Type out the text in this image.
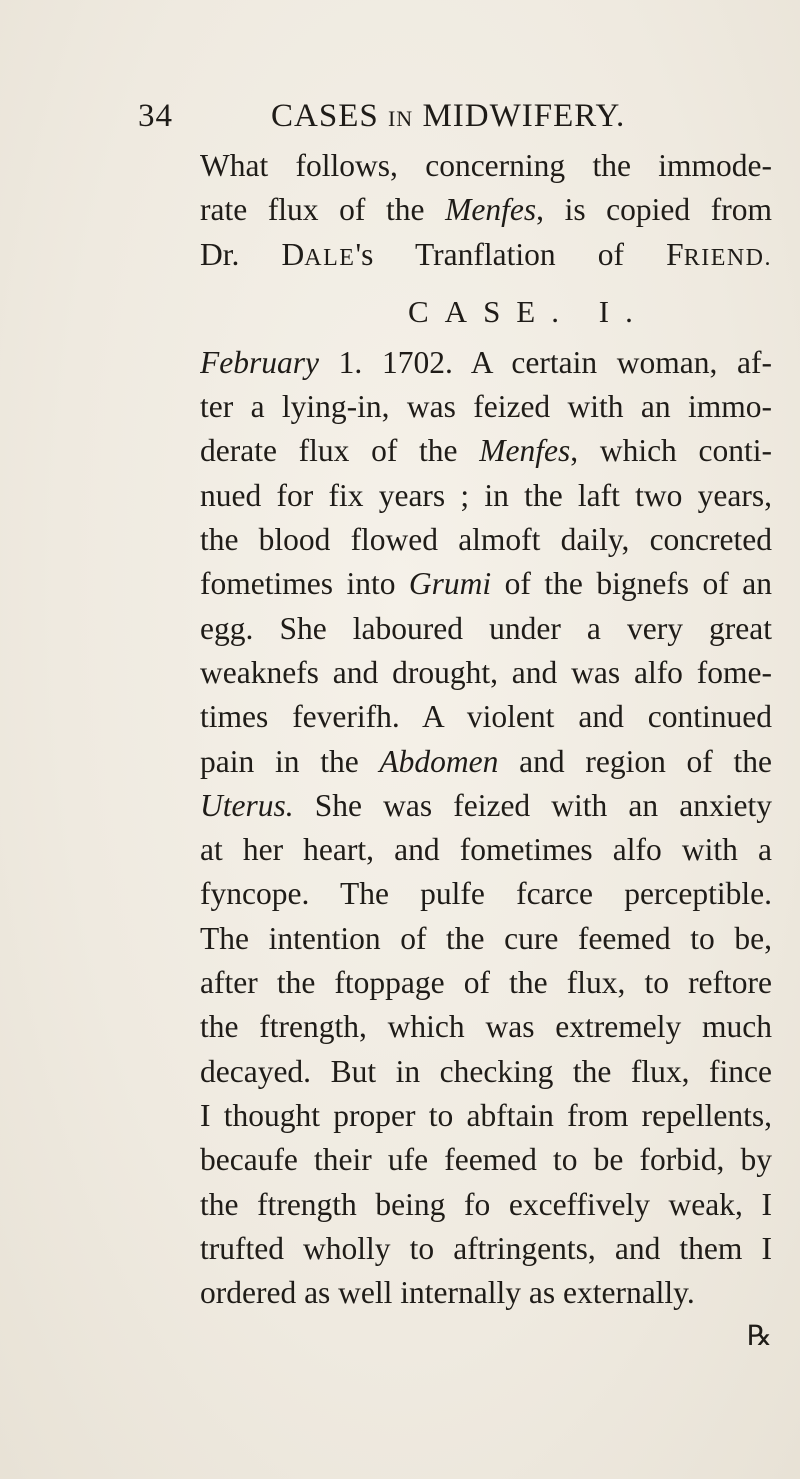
34	CASES IN MIDWIFERY.
What follows, concerning the immode-
rate flux of the Menfes, is copied from
Dr. DALE's Tranflation of FRIEND.
CASE. I.
February 1. 1702. A certain woman, af-
ter a lying-in, was feized with an immo-
derate flux of the Menfes, which conti-
nued for fix years ; in the laft two years,
the blood flowed almoft daily, concreted
fometimes into Grumi of the bignefs of an
egg. She laboured under a very great
weaknefs and drought, and was alfo fome-
times feverifh. A violent and continued
pain in the Abdomen and region of the
Uterus. She was feized with an anxiety
at her heart, and fometimes alfo with a
fyncope. The pulfe fcarce perceptible.
The intention of the cure feemed to be,
after the ftoppage of the flux, to reftore
the ftrength, which was extremely much
decayed. But in checking the flux, fince
I thought proper to abftain from repellents,
becaufe their ufe feemed to be forbid, by
the ftrength being fo exceffively weak, I
trufted wholly to aftringents, and them I
ordered as well internally as externally.
℞
